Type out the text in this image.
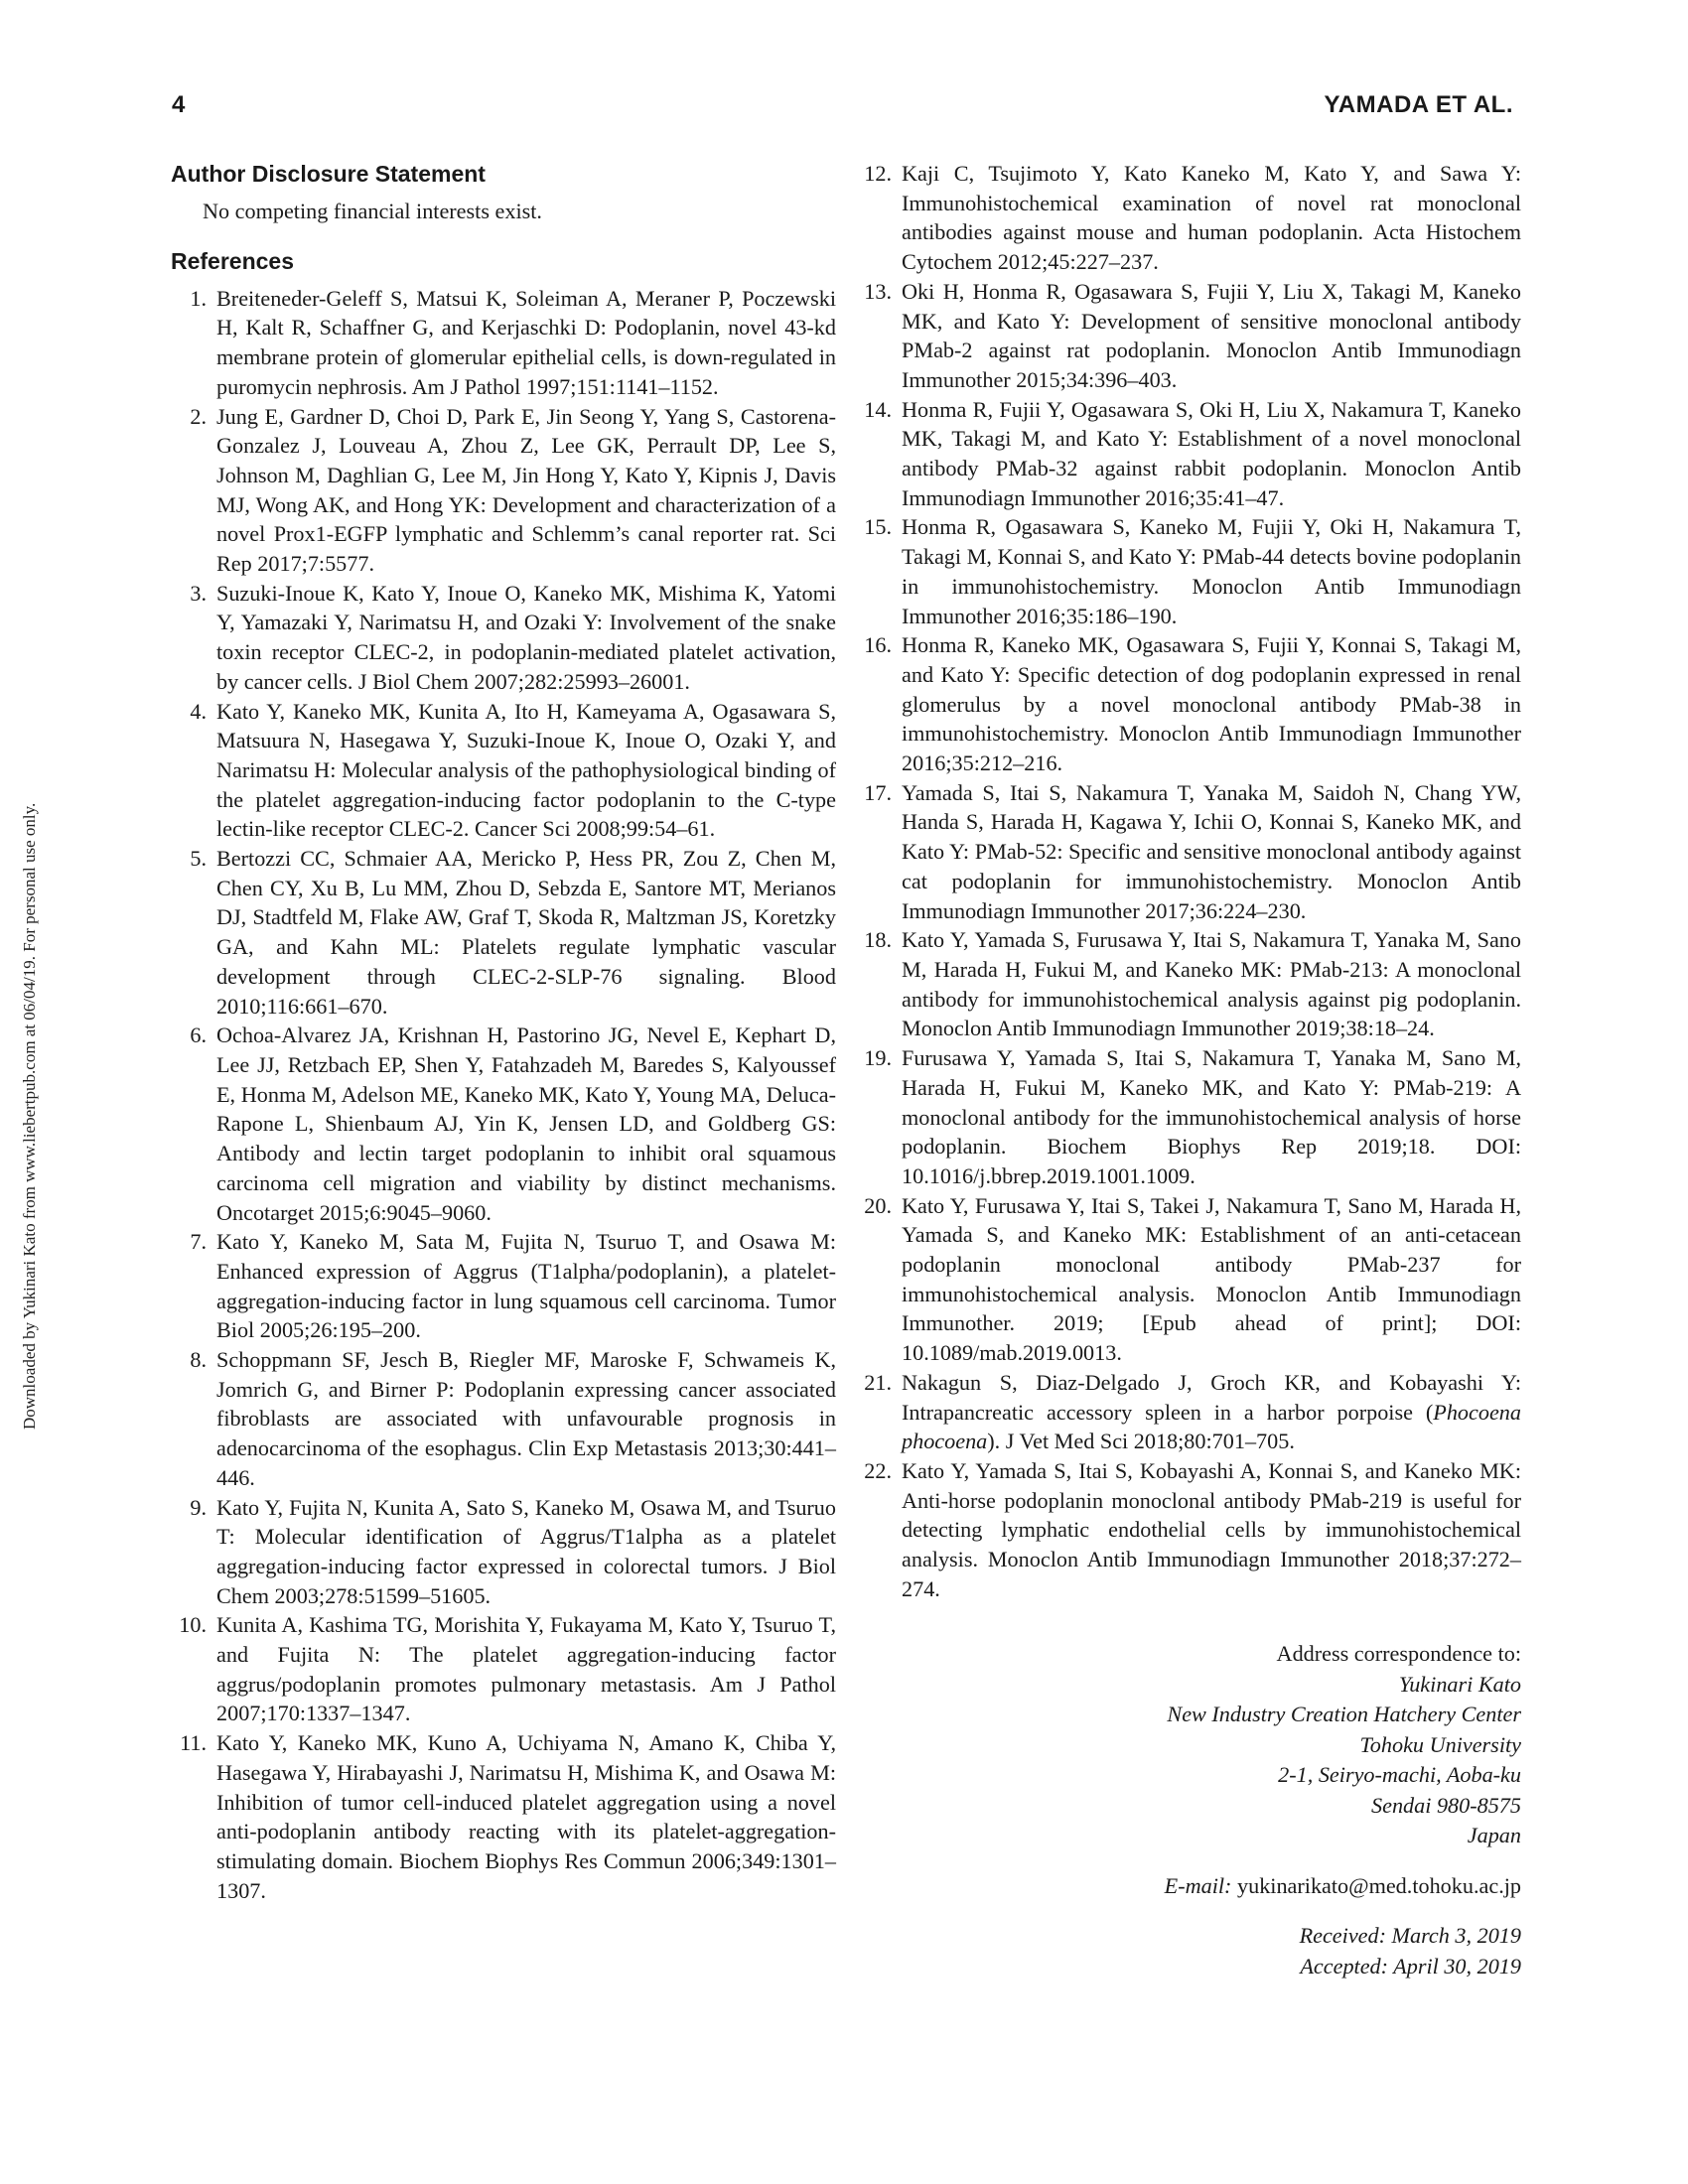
4	YAMADA ET AL.
Downloaded by Yukinari Kato from www.liebertpub.com at 06/04/19. For personal use only.
Author Disclosure Statement

No competing financial interests exist.

References
1. Breiteneder-Geleff S, Matsui K, Soleiman A, Meraner P, Poczewski H, Kalt R, Schaffner G, and Kerjaschki D: Podoplanin, novel 43-kd membrane protein of glomerular epithelial cells, is down-regulated in puromycin nephrosis. Am J Pathol 1997;151:1141–1152.
2. Jung E, Gardner D, Choi D, Park E, Jin Seong Y, Yang S, Castorena-Gonzalez J, Louveau A, Zhou Z, Lee GK, Perrault DP, Lee S, Johnson M, Daghlian G, Lee M, Jin Hong Y, Kato Y, Kipnis J, Davis MJ, Wong AK, and Hong YK: Development and characterization of a novel Prox1-EGFP lymphatic and Schlemm’s canal reporter rat. Sci Rep 2017;7:5577.
3. Suzuki-Inoue K, Kato Y, Inoue O, Kaneko MK, Mishima K, Yatomi Y, Yamazaki Y, Narimatsu H, and Ozaki Y: Involvement of the snake toxin receptor CLEC-2, in podoplanin-mediated platelet activation, by cancer cells. J Biol Chem 2007;282:25993–26001.
4. Kato Y, Kaneko MK, Kunita A, Ito H, Kameyama A, Ogasawara S, Matsuura N, Hasegawa Y, Suzuki-Inoue K, Inoue O, Ozaki Y, and Narimatsu H: Molecular analysis of the pathophysiological binding of the platelet aggregation-inducing factor podoplanin to the C-type lectin-like receptor CLEC-2. Cancer Sci 2008;99:54–61.
5. Bertozzi CC, Schmaier AA, Mericko P, Hess PR, Zou Z, Chen M, Chen CY, Xu B, Lu MM, Zhou D, Sebzda E, Santore MT, Merianos DJ, Stadtfeld M, Flake AW, Graf T, Skoda R, Maltzman JS, Koretzky GA, and Kahn ML: Platelets regulate lymphatic vascular development through CLEC-2-SLP-76 signaling. Blood 2010;116:661–670.
6. Ochoa-Alvarez JA, Krishnan H, Pastorino JG, Nevel E, Kephart D, Lee JJ, Retzbach EP, Shen Y, Fatahzadeh M, Baredes S, Kalyoussef E, Honma M, Adelson ME, Kaneko MK, Kato Y, Young MA, Deluca-Rapone L, Shienbaum AJ, Yin K, Jensen LD, and Goldberg GS: Antibody and lectin target podoplanin to inhibit oral squamous carcinoma cell migration and viability by distinct mechanisms. Oncotarget 2015;6:9045–9060.
7. Kato Y, Kaneko M, Sata M, Fujita N, Tsuruo T, and Osawa M: Enhanced expression of Aggrus (T1alpha/podoplanin), a platelet-aggregation-inducing factor in lung squamous cell carcinoma. Tumor Biol 2005;26:195–200.
8. Schoppmann SF, Jesch B, Riegler MF, Maroske F, Schwameis K, Jomrich G, and Birner P: Podoplanin expressing cancer associated fibroblasts are associated with unfavourable prognosis in adenocarcinoma of the esophagus. Clin Exp Metastasis 2013;30:441–446.
9. Kato Y, Fujita N, Kunita A, Sato S, Kaneko M, Osawa M, and Tsuruo T: Molecular identification of Aggrus/T1alpha as a platelet aggregation-inducing factor expressed in colorectal tumors. J Biol Chem 2003;278:51599–51605.
10. Kunita A, Kashima TG, Morishita Y, Fukayama M, Kato Y, Tsuruo T, and Fujita N: The platelet aggregation-inducing factor aggrus/podoplanin promotes pulmonary metastasis. Am J Pathol 2007;170:1337–1347.
11. Kato Y, Kaneko MK, Kuno A, Uchiyama N, Amano K, Chiba Y, Hasegawa Y, Hirabayashi J, Narimatsu H, Mishima K, and Osawa M: Inhibition of tumor cell-induced platelet aggregation using a novel anti-podoplanin antibody reacting with its platelet-aggregation-stimulating domain. Biochem Biophys Res Commun 2006;349:1301–1307.
12. Kaji C, Tsujimoto Y, Kato Kaneko M, Kato Y, and Sawa Y: Immunohistochemical examination of novel rat monoclonal antibodies against mouse and human podoplanin. Acta Histochem Cytochem 2012;45:227–237.
13. Oki H, Honma R, Ogasawara S, Fujii Y, Liu X, Takagi M, Kaneko MK, and Kato Y: Development of sensitive monoclonal antibody PMab-2 against rat podoplanin. Monoclon Antib Immunodiagn Immunother 2015;34:396–403.
14. Honma R, Fujii Y, Ogasawara S, Oki H, Liu X, Nakamura T, Kaneko MK, Takagi M, and Kato Y: Establishment of a novel monoclonal antibody PMab-32 against rabbit podoplanin. Monoclon Antib Immunodiagn Immunother 2016;35:41–47.
15. Honma R, Ogasawara S, Kaneko M, Fujii Y, Oki H, Nakamura T, Takagi M, Konnai S, and Kato Y: PMab-44 detects bovine podoplanin in immunohistochemistry. Monoclon Antib Immunodiagn Immunother 2016;35:186–190.
16. Honma R, Kaneko MK, Ogasawara S, Fujii Y, Konnai S, Takagi M, and Kato Y: Specific detection of dog podoplanin expressed in renal glomerulus by a novel monoclonal antibody PMab-38 in immunohistochemistry. Monoclon Antib Immunodiagn Immunother 2016;35:212–216.
17. Yamada S, Itai S, Nakamura T, Yanaka M, Saidoh N, Chang YW, Handa S, Harada H, Kagawa Y, Ichii O, Konnai S, Kaneko MK, and Kato Y: PMab-52: Specific and sensitive monoclonal antibody against cat podoplanin for immunohistochemistry. Monoclon Antib Immunodiagn Immunother 2017;36:224–230.
18. Kato Y, Yamada S, Furusawa Y, Itai S, Nakamura T, Yanaka M, Sano M, Harada H, Fukui M, and Kaneko MK: PMab-213: A monoclonal antibody for immunohistochemical analysis against pig podoplanin. Monoclon Antib Immunodiagn Immunother 2019;38:18–24.
19. Furusawa Y, Yamada S, Itai S, Nakamura T, Yanaka M, Sano M, Harada H, Fukui M, Kaneko MK, and Kato Y: PMab-219: A monoclonal antibody for the immunohistochemical analysis of horse podoplanin. Biochem Biophys Rep 2019;18. DOI: 10.1016/j.bbrep.2019.1001.1009.
20. Kato Y, Furusawa Y, Itai S, Takei J, Nakamura T, Sano M, Harada H, Yamada S, and Kaneko MK: Establishment of an anti-cetacean podoplanin monoclonal antibody PMab-237 for immunohistochemical analysis. Monoclon Antib Immunodiagn Immunother. 2019; [Epub ahead of print]; DOI: 10.1089/mab.2019.0013.
21. Nakagun S, Diaz-Delgado J, Groch KR, and Kobayashi Y: Intrapancreatic accessory spleen in a harbor porpoise (Phocoena phocoena). J Vet Med Sci 2018;80:701–705.
22. Kato Y, Yamada S, Itai S, Kobayashi A, Konnai S, and Kaneko MK: Anti-horse podoplanin monoclonal antibody PMab-219 is useful for detecting lymphatic endothelial cells by immunohistochemical analysis. Monoclon Antib Immunodiagn Immunother 2018;37:272–274.
Address correspondence to:
Yukinari Kato
New Industry Creation Hatchery Center
Tohoku University
2-1, Seiryo-machi, Aoba-ku
Sendai 980-8575
Japan
E-mail: yukinarikato@med.tohoku.ac.jp
Received: March 3, 2019
Accepted: April 30, 2019
